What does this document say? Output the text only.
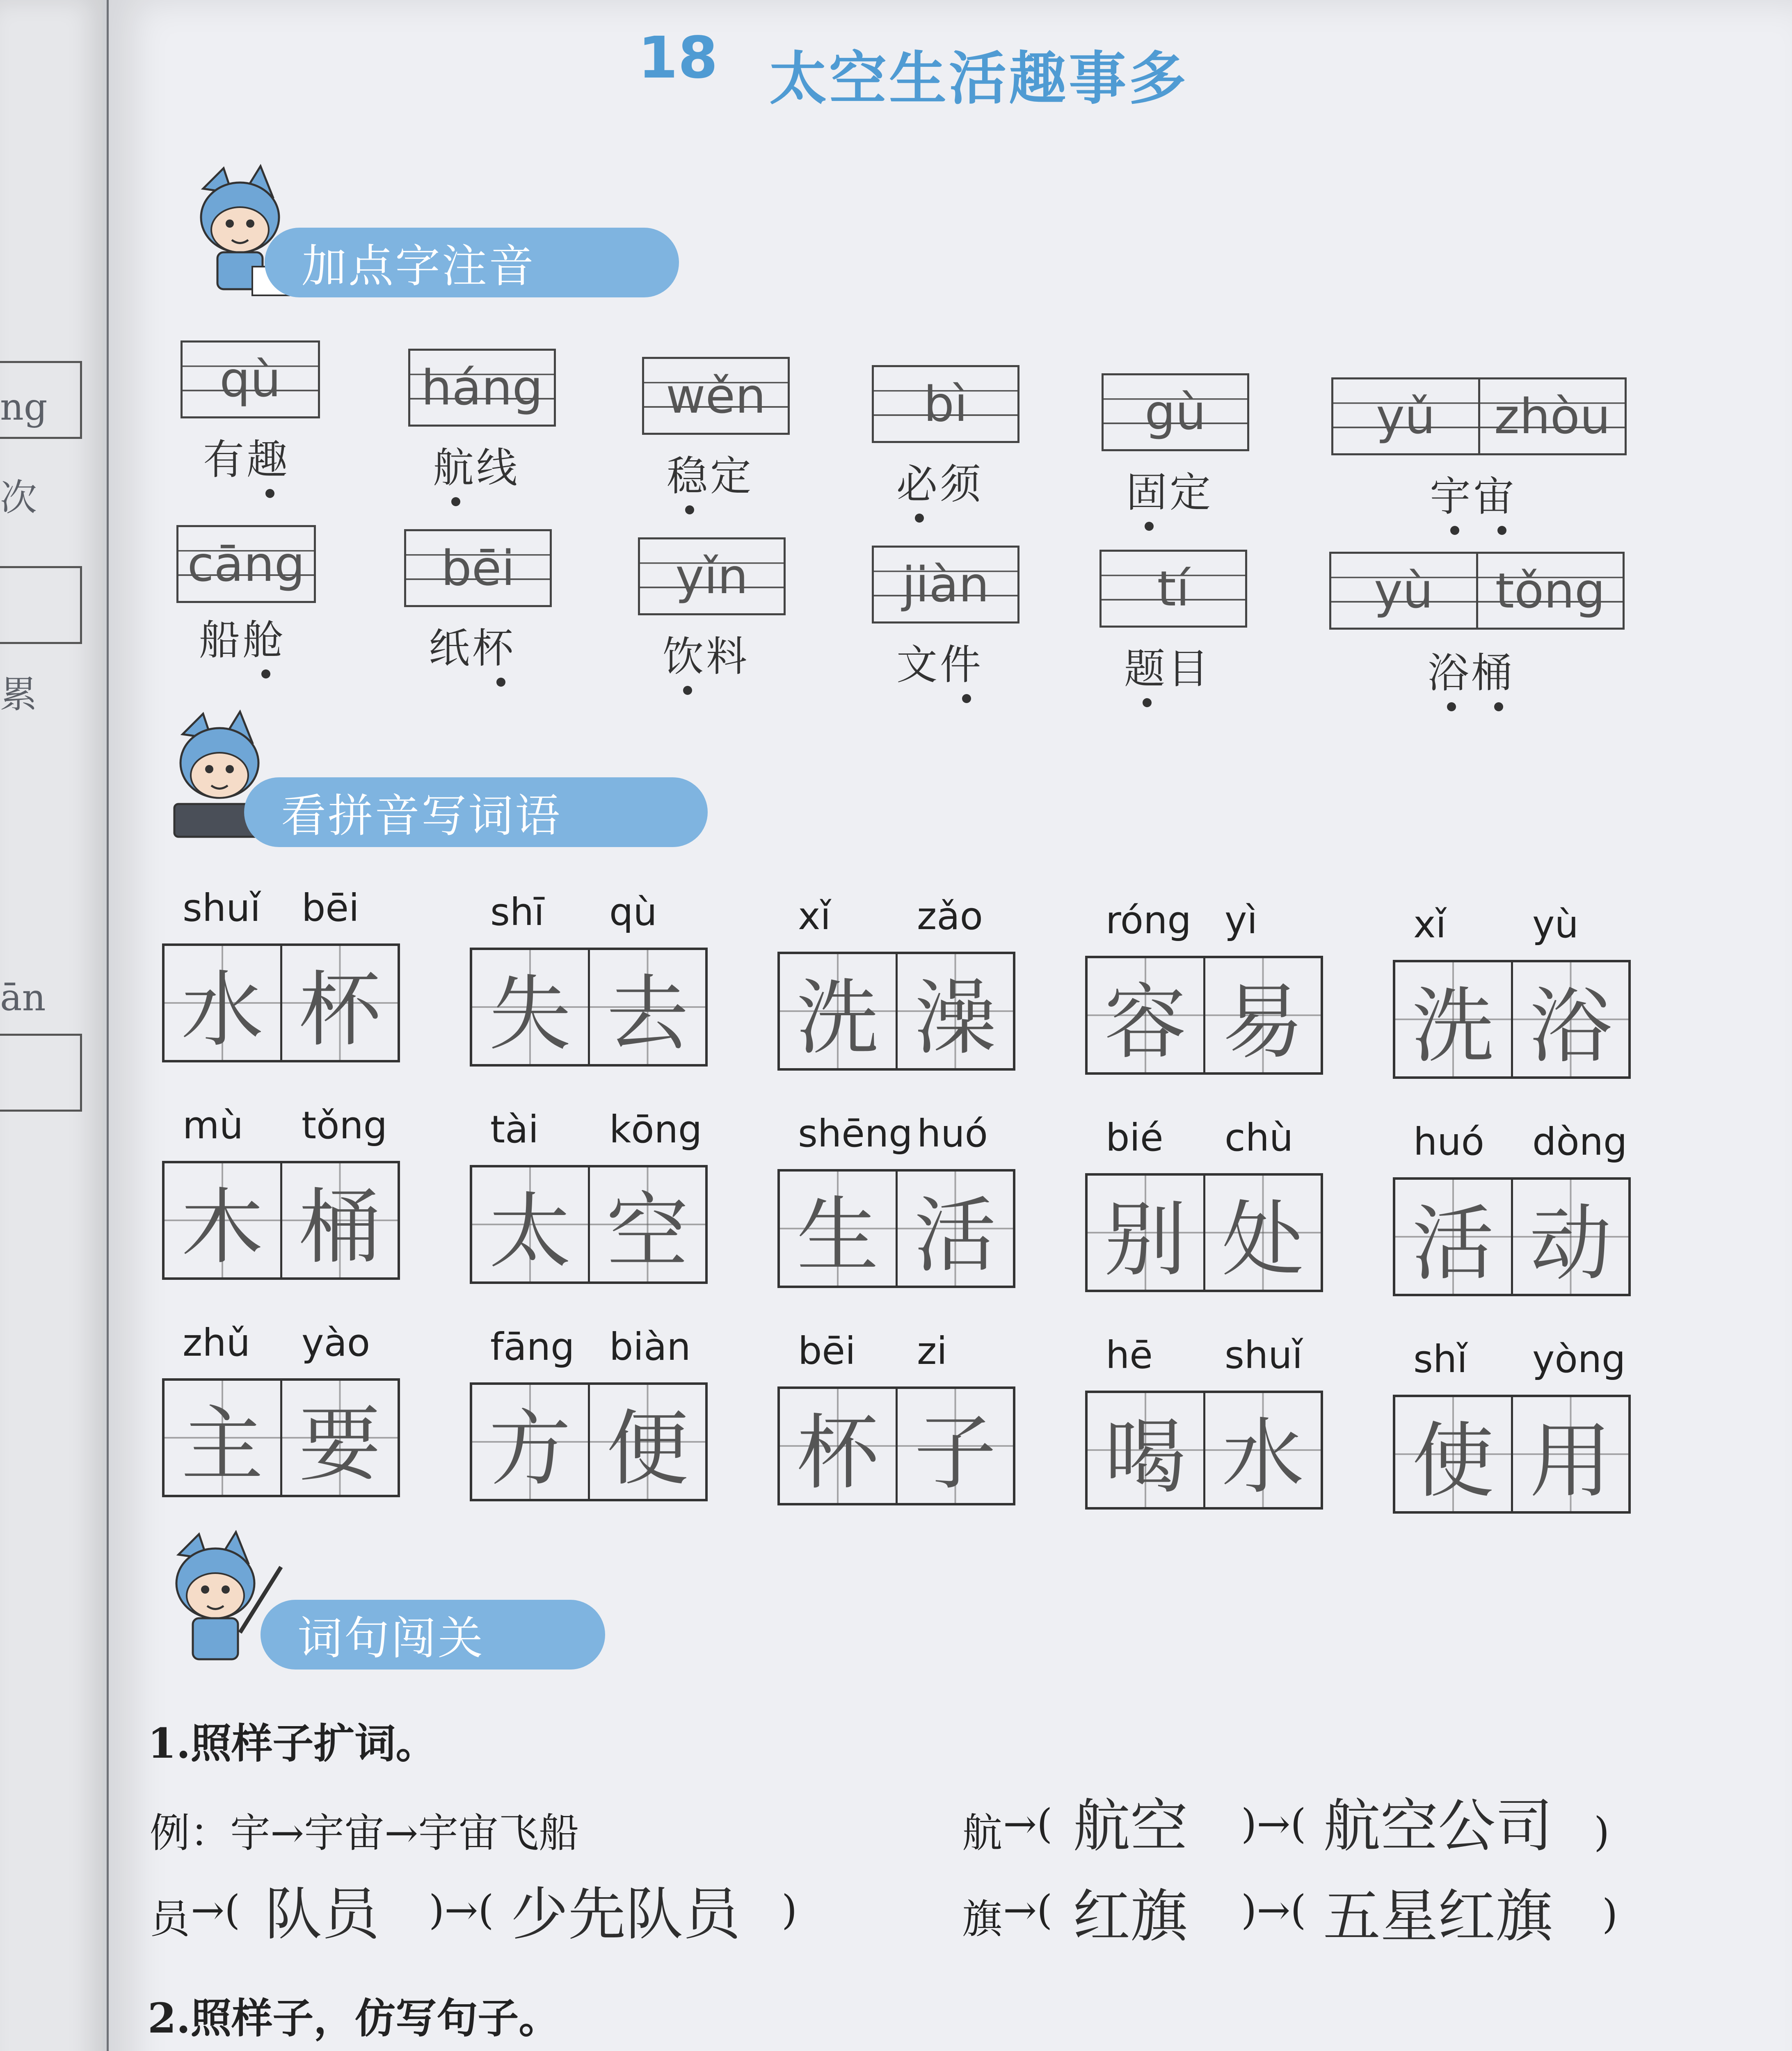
ng
次
累
ān
18 太空生活趣事多
加点字注音
qù
有趣
háng
航线
wěn
稳定
bì
必须
gù
固定
yǔ	zhòu
宇宙
cāng
船舱
bēi
纸杯
yǐn
饮料
jiàn
文件
tí
题目
yù	tǒng
浴桶
看拼音写词语
shuǐ bēi
水 杯
shī qù
失 去
xǐ zǎo
洗 澡
róng yì
容 易
xǐ yù
洗 浴
mù tǒng
木 桶
tài kōng
太 空
shēng huó
生 活
bié chù
别 处
huó dòng
活 动
zhǔ yào
主 要
fāng biàn
方 便
bēi zi
杯 子
hē shuǐ
喝 水
shǐ yòng
使 用
词句闯关
1.照样子扩词。
例：宇→宇宙→宇宙飞船	航 →( 航空 )→( 航空公司 )
员 →( 队员 )→( 少先队员 )	旗 →( 红旗 )→( 五星红旗 )
2.照样子，仿写句子。
